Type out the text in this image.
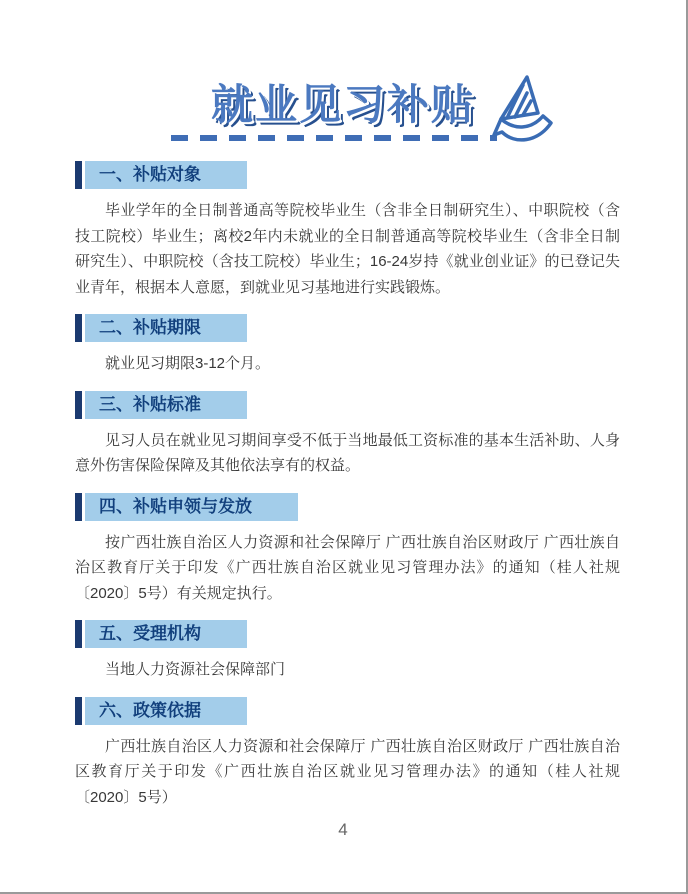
就业见习补贴
一、补贴对象

毕业学年的全日制普通高等院校毕业生（含非全日制研究生）、中职院校（含技工院校）毕业生；离校2年内未就业的全日制普通高等院校毕业生（含非全日制研究生）、中职院校（含技工院校）毕业生；16-24岁持《就业创业证》的已登记失业青年，根据本人意愿，到就业见习基地进行实践锻炼。

二、补贴期限

就业见习期限3-12个月。

三、补贴标准

见习人员在就业见习期间享受不低于当地最低工资标准的基本生活补助、人身意外伤害保险保障及其他依法享有的权益。

四、补贴申领与发放

按广西壮族自治区人力资源和社会保障厅 广西壮族自治区财政厅 广西壮族自治区教育厅关于印发《广西壮族自治区就业见习管理办法》的通知（桂人社规〔2020〕5号）有关规定执行。

五、受理机构

当地人力资源社会保障部门

六、政策依据

广西壮族自治区人力资源和社会保障厅 广西壮族自治区财政厅 广西壮族自治区教育厅关于印发《广西壮族自治区就业见习管理办法》的通知（桂人社规〔2020〕5号）

4
